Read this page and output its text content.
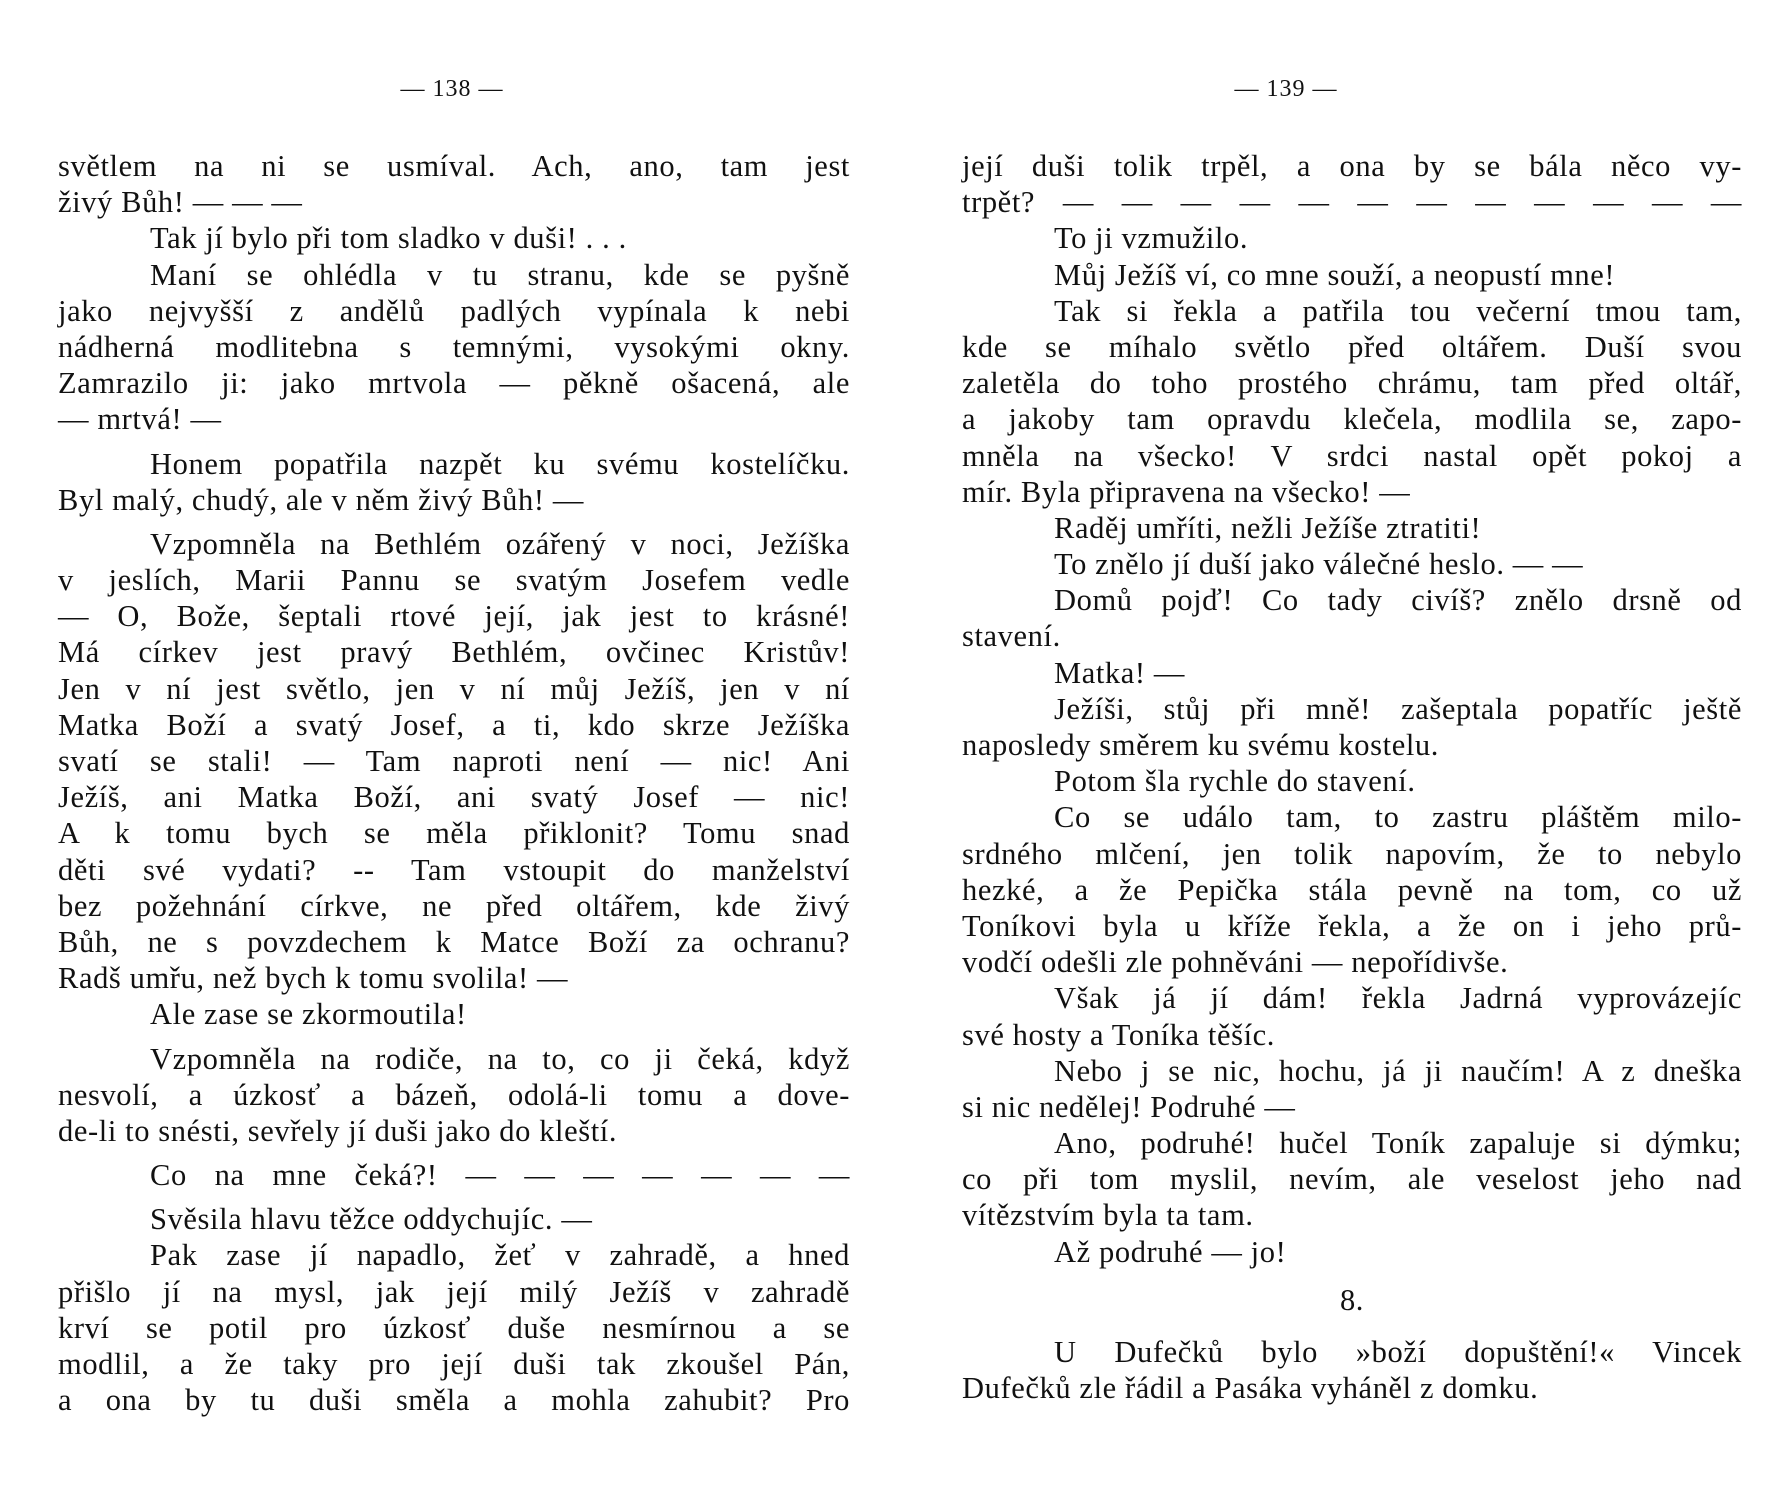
— 138 —
světlem na ni se usmíval. Ach, ano, tam jest
živý Bůh! — — —
Tak jí bylo při tom sladko v duši! . . .
Maní se ohlédla v tu stranu, kde se pyšně
jako nejvyšší z andělů padlých vypínala k nebi
nádherná modlitebna s temnými, vysokými okny.
Zamrazilo ji: jako mrtvola — pěkně ošacená, ale
— mrtvá! —
Honem popatřila nazpět ku svému kostelíčku.
Byl malý, chudý, ale v něm živý Bůh! —
Vzpomněla na Bethlém ozářený v noci, Ježíška
v jeslích, Marii Pannu se svatým Josefem vedle
— O, Bože, šeptali rtové její, jak jest to krásné!
Má církev jest pravý Bethlém, ovčinec Kristův!
Jen v ní jest světlo, jen v ní můj Ježíš, jen v ní
Matka Boží a svatý Josef, a ti, kdo skrze Ježíška
svatí se stali! — Tam naproti není — nic! Ani
Ježíš, ani Matka Boží, ani svatý Josef — nic!
A k tomu bych se měla přiklonit? Tomu snad
děti své vydati? -- Tam vstoupit do manželství
bez požehnání církve, ne před oltářem, kde živý
Bůh, ne s povzdechem k Matce Boží za ochranu?
Radš umřu, než bych k tomu svolila! —
Ale zase se zkormoutila!
Vzpomněla na rodiče, na to, co ji čeká, když
nesvolí, a úzkosť a bázeň, odolá-li tomu a dove-
de-li to snésti, sevřely jí duši jako do kleští.
Co na mne čeká?! — — — — — — —
Svěsila hlavu těžce oddychujíc. —
Pak zase jí napadlo, žeť v zahradě, a hned
přišlo jí na mysl, jak její milý Ježíš v zahradě
krví se potil pro úzkosť duše nesmírnou a se
modlil, a že taky pro její duši tak zkoušel Pán,
a ona by tu duši směla a mohla zahubit? Pro
— 139 —
její duši tolik trpěl, a ona by se bála něco vy-
trpět? — — — — — — — — — — — —
To ji vzmužilo.
Můj Ježíš ví, co mne souží, a neopustí mne!
Tak si řekla a patřila tou večerní tmou tam,
kde se míhalo světlo před oltářem. Duší svou
zaletěla do toho prostého chrámu, tam před oltář,
a jakoby tam opravdu klečela, modlila se, zapo-
mněla na všecko! V srdci nastal opět pokoj a
mír. Byla připravena na všecko! —
Raděj umříti, nežli Ježíše ztratiti!
To znělo jí duší jako válečné heslo. — —
Domů pojď! Co tady civíš? znělo drsně od
stavení.
Matka! —
Ježíši, stůj při mně! zašeptala popatříc ještě
naposledy směrem ku svému kostelu.
Potom šla rychle do stavení.
Co se událo tam, to zastru pláštěm milo-
srdného mlčení, jen tolik napovím, že to nebylo
hezké, a že Pepička stála pevně na tom, co už
Toníkovi byla u kříže řekla, a že on i jeho prů-
vodčí odešli zle pohněváni — nepořídivše.
Však já jí dám! řekla Jadrná vyprovázejíc
své hosty a Toníka těšíc.
Nebo j se nic, hochu, já ji naučím! A z dneška
si nic nedělej! Podruhé —
Ano, podruhé! hučel Toník zapaluje si dýmku;
co při tom myslil, nevím, ale veselost jeho nad
vítězstvím byla ta tam.
Až podruhé — jo!
8.
U Dufečků bylo »boží dopuštění!« Vincek
Dufečků zle řádil a Pasáka vyháněl z domku.
